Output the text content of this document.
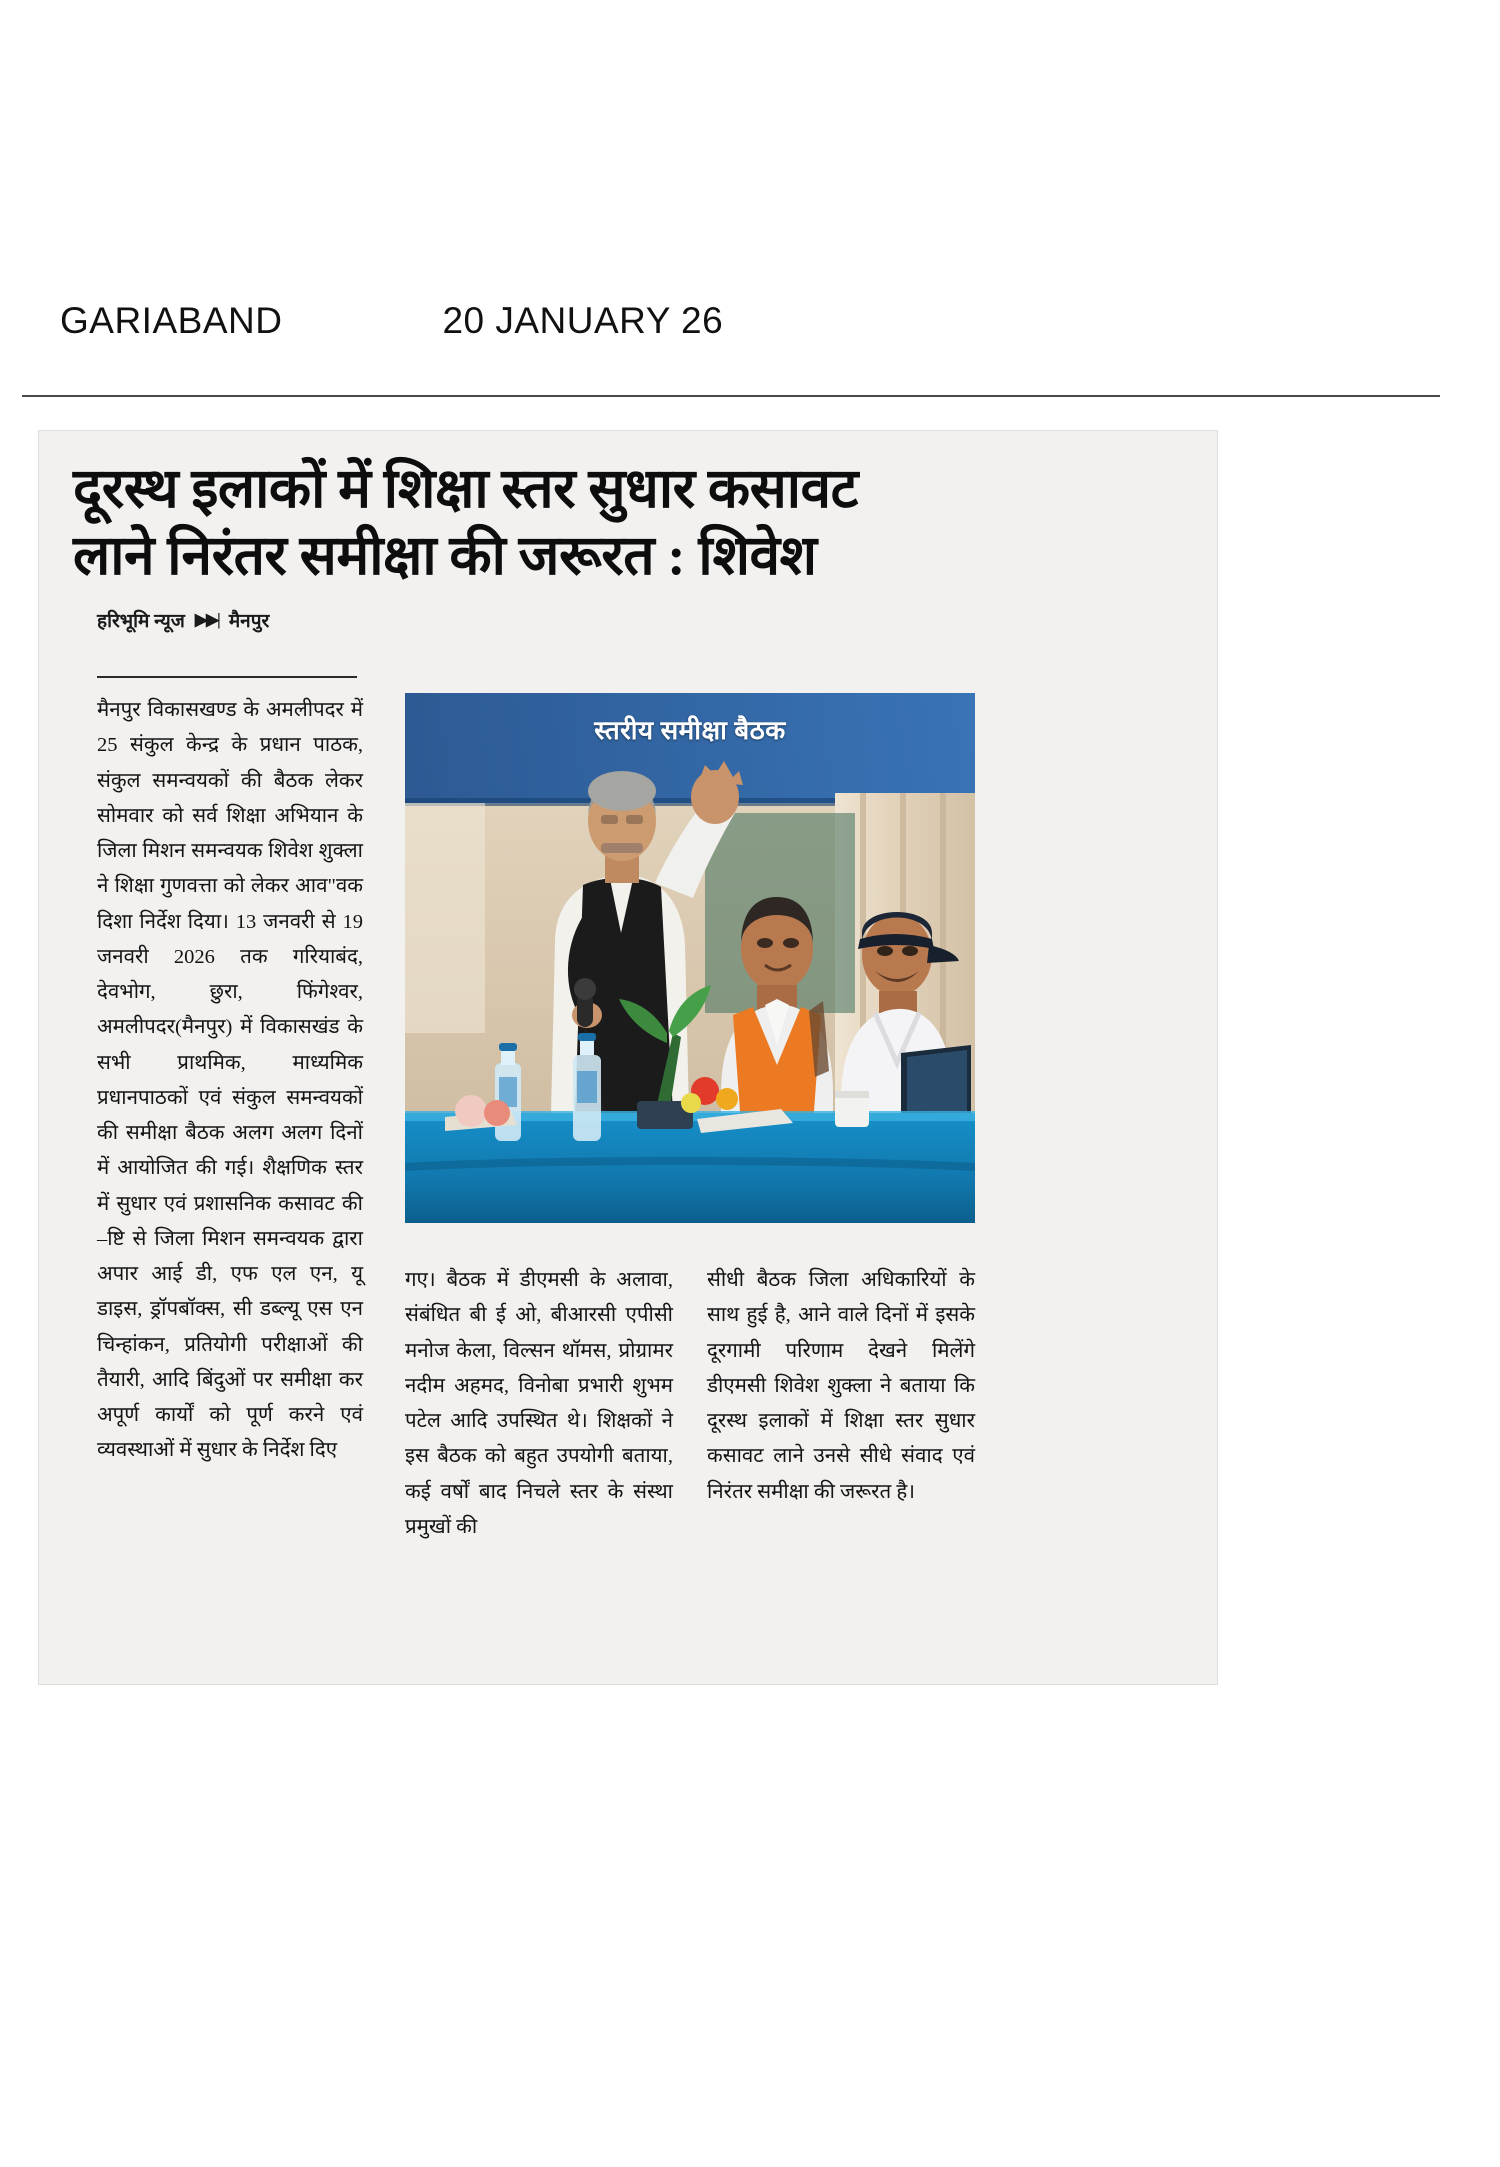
GARIABAND	20 JANUARY 26
दूरस्थ इलाकों में शिक्षा स्तर सुधार कसावट
लाने निरंतर समीक्षा की जरूरत : शिवेश
हरिभूमि न्यूज ▶▶| मैनपुर
स्तरीय समीक्षा बैठक

मैनपुर विकासखण्ड के अमलीपदर में 25 संकुल केन्द्र के प्रधान पाठक, संकुल समन्वयकों की बैठक लेकर सोमवार को सर्व शिक्षा अभियान के जिला मिशन समन्वयक शिवेश शुक्ला ने शिक्षा गुणवत्ता को लेकर आव"वक दिशा निर्देश दिया। 13 जनवरी से 19 जनवरी 2026 तक गरियाबंद, देवभोग, छुरा, फिंगेश्वर, अमलीपदर(मैनपुर) में विकासखंड के सभी प्राथमिक, माध्यमिक प्रधानपाठकों एवं संकुल समन्वयकों की समीक्षा बैठक अलग अलग दिनों में आयोजित की गई। शैक्षणिक स्तर में सुधार एवं प्रशासनिक कसावट की –ष्टि से जिला मिशन समन्वयक द्वारा अपार आई डी, एफ एल एन, यू डाइस, ड्रॉपबॉक्स, सी डब्ल्यू एस एन चिन्हांकन, प्रतियोगी परीक्षाओं की तैयारी, आदि बिंदुओं पर समीक्षा कर अपूर्ण कार्यों को पूर्ण करने एवं व्यवस्थाओं में सुधार के निर्देश दिए

गए। बैठक में डीएमसी के अलावा, संबंधित बी ई ओ, बीआरसी एपीसी मनोज केला, विल्सन थॉमस, प्रोग्रामर नदीम अहमद, विनोबा प्रभारी शुभम पटेल आदि उपस्थित थे। शिक्षकों ने इस बैठक को बहुत उपयोगी बताया, कई वर्षों बाद निचले स्तर के संस्था प्रमुखों की

सीधी बैठक जिला अधिकारियों के साथ हुई है, आने वाले दिनों में इसके दूरगामी परिणाम देखने मिलेंगे डीएमसी शिवेश शुक्ला ने बताया कि दूरस्थ इलाकों में शिक्षा स्तर सुधार कसावट लाने उनसे सीधे संवाद एवं निरंतर समीक्षा की जरूरत है।
